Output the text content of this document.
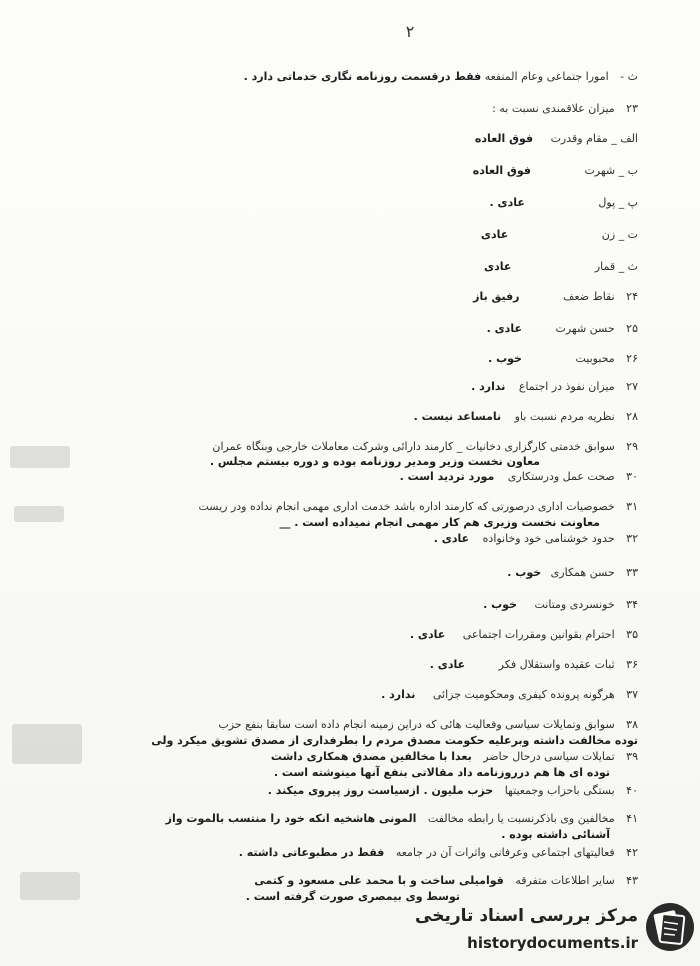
۲
ث - امورا جتماعی وعام المنفعه فقط درقسمت روزنامه نگاری خدماتی دارد .
۲۳ میزان علاقمندی نسبت به :
الف _ مقام وقدرت فوق العاده
ب _ شهرت فوق العاده
پ _ پول عادی .
ت _ زن عادی
ث _ قمار عادی
۲۴ نقاط ضعف رفیق باز
۲۵ حسن شهرت عادی .
۲۶ محبوبیت خوب .
۲۷ میزان نفوذ در اجتماع ندارد .
۲۸ نظریه مردم نسبت باو نامساعد نیست .
۲۹ سوابق خدمتی کارگزاری دخانیات _ کارمند دارائی وشرکت معاملات خارجی وبنگاه عمران
معاون نخست وزیر ومدیر روزنامه بوده و دوره بیستم مجلس .
۳۰ صحت عمل ودرستکاری مورد تردید است .
۳۱ خصوصیات اداری درصورتی که کارمند اداره باشد خدمت اداری مهمی انجام نداده ودر ریست
معاونت نخست وزیری هم کار مهمی انجام نمیداده است . __
۳۲ حدود خوشنامی خود وخانواده عادی .
۳۳ حسن همکاری خوب .
۳۴ خونسردی ومتانت خوب .
۳۵ احترام بقوانین ومقررات اجتماعی عادی .
۳۶ ثبات عقیده واستقلال فکر عادی .
۳۷ هرگونه پرونده کیفری ومحکومیت جزائی ندارد .
۳۸ سوابق وتمایلات سیاسی وفعالیت هائی که دراین زمینه انجام داده است سابقا بنفع حزب
توده مخالفت داشته وبرعلیه حکومت مصدق مردم را بطرفداری از مصدق تشویق میکرد ولی
۳۹ تمایلات سیاسی درحال حاضر بعدا با مخالفین مصدق همکاری داشت
توده ای ها هم درروزنامه داد مقالاتی بنفع آنها مینوشته است .
۴۰ بستگی باحزاب وجمعیتها حزب ملیون . ازسیاست روز پیروی میکند .
۴۱ مخالفین وی باذکرنسبت یا رابطه مخالفت المونی هاشخیه انکه خود را منتسب بالموت واز
آشنائی داشته بوده .
۴۲ فعالیتهای اجتماعی وعرفانی واثرات آن در جامعه فقط در مطبوعاتی داشته .
۴۳ سایر اطلاعات متفرقه قوامیلی ساخت و با محمد علی مسعود و کتمی
توسط وی بیمصری صورت گرفته است .
مرکز بررسی اسناد تاریخی
historydocuments.ir
